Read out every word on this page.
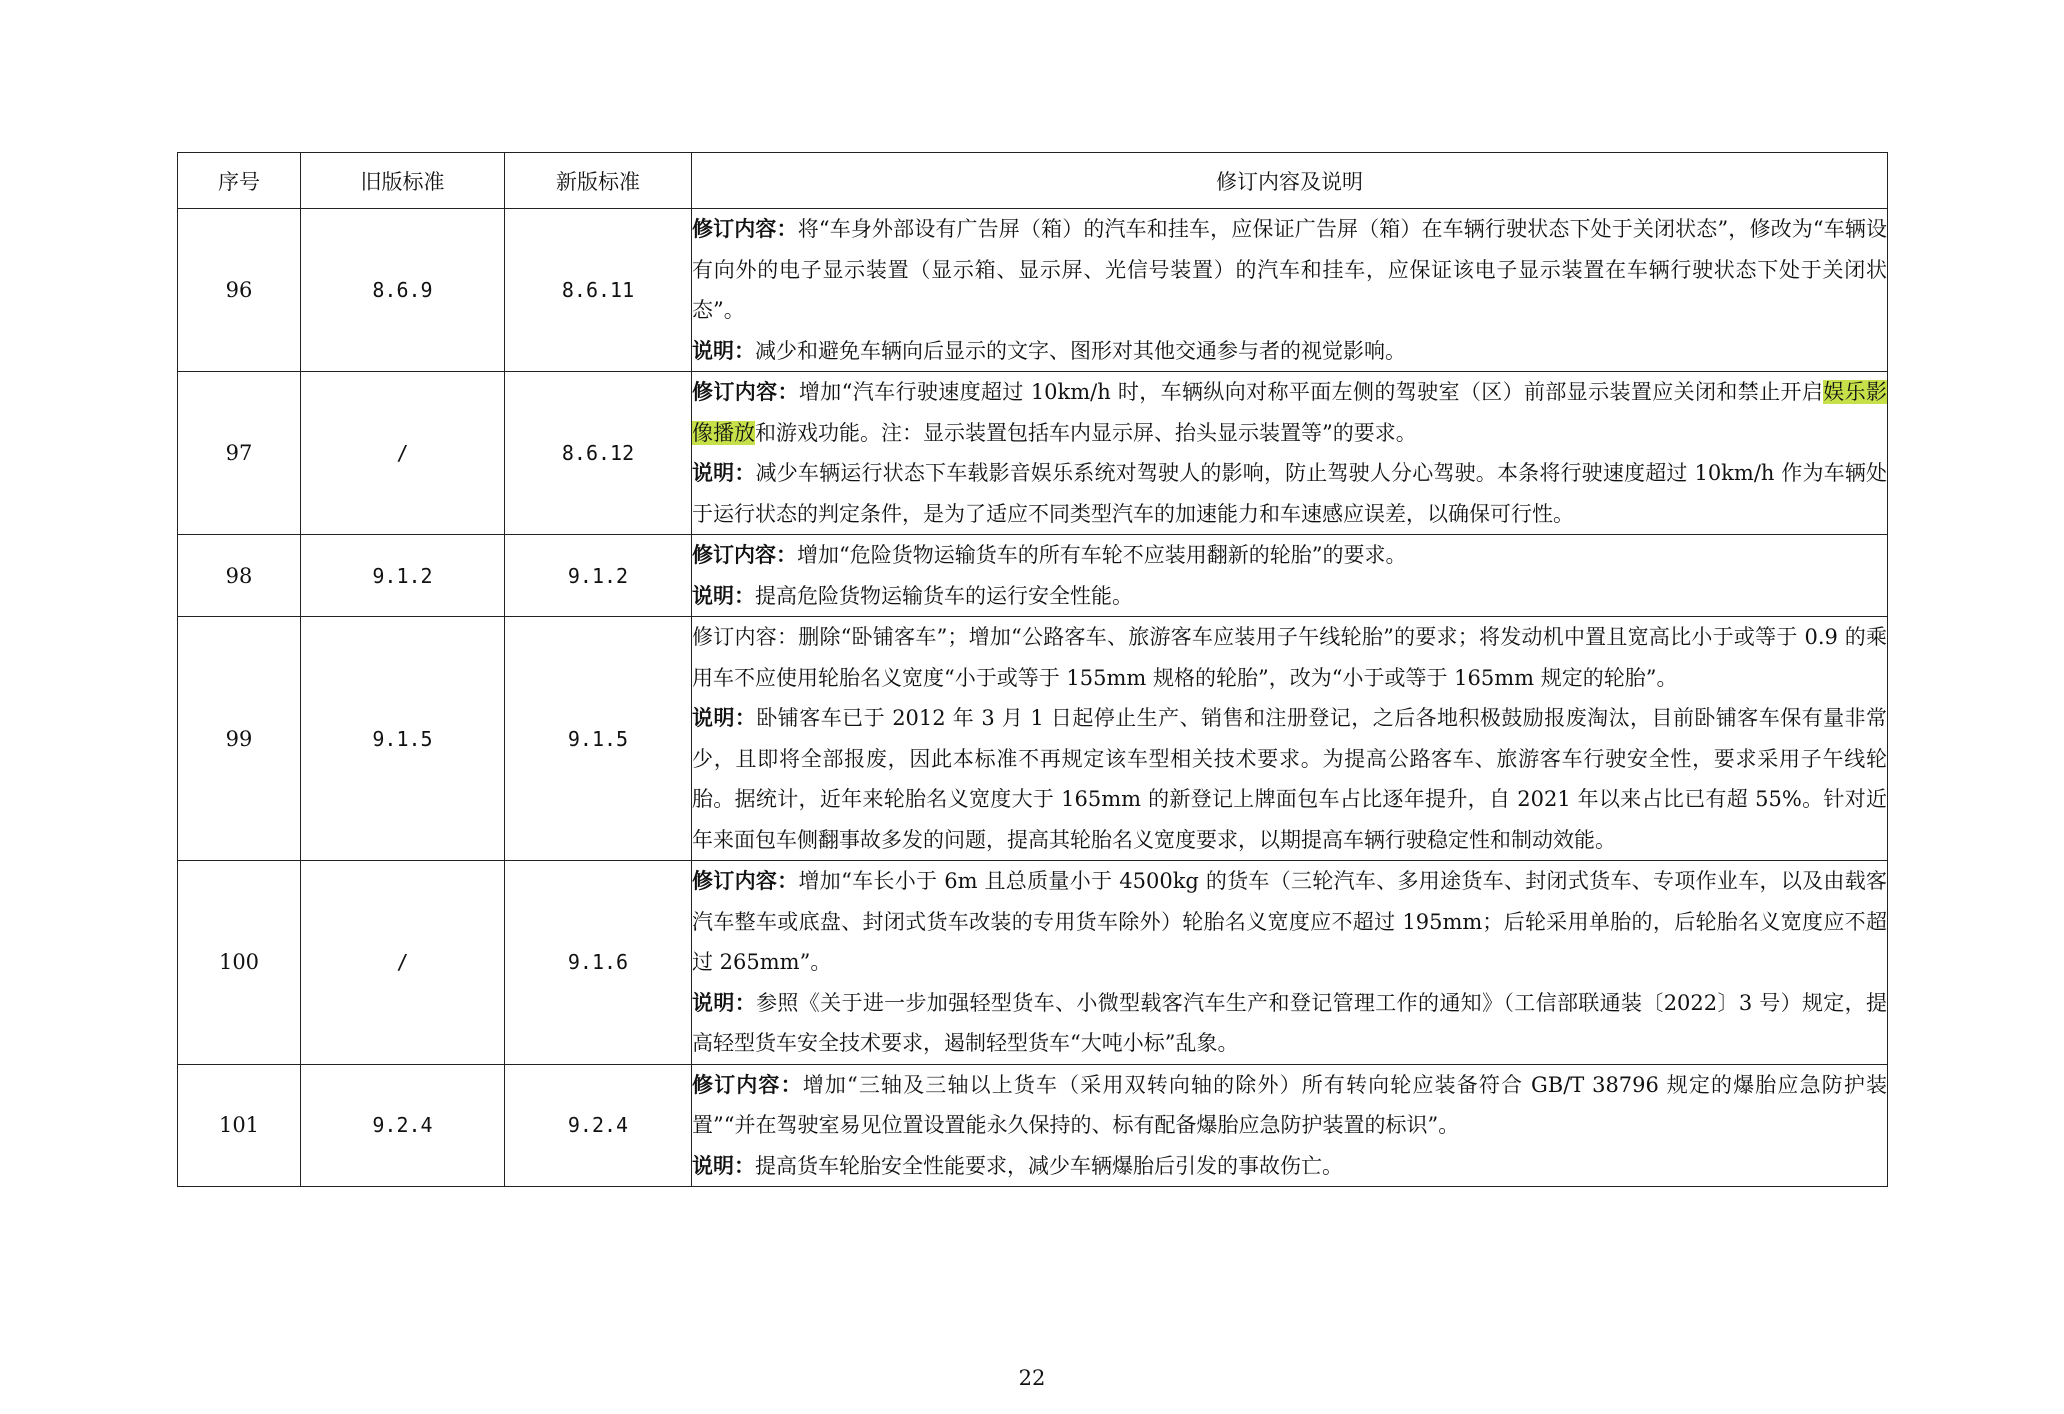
序号	旧版标准	新版标准	修订内容及说明
96	8.6.9	8.6.11	修订内容：将“车身外部设有广告屏（箱）的汽车和挂车，应保证广告屏（箱）在车辆行驶状态下处于关闭状态”，修改为“车辆设有向外的电子显示装置（显示箱、显示屏、光信号装置）的汽车和挂车，应保证该电子显示装置在车辆行驶状态下处于关闭状态”。
说明：减少和避免车辆向后显示的文字、图形对其他交通参与者的视觉影响。

97	/	8.6.12	修订内容：增加“汽车行驶速度超过 10km/h 时，车辆纵向对称平面左侧的驾驶室（区）前部显示装置应关闭和禁止开启娱乐影像播放和游戏功能。注：显示装置包括车内显示屏、抬头显示装置等”的要求。
说明：减少车辆运行状态下车载影音娱乐系统对驾驶人的影响，防止驾驶人分心驾驶。本条将行驶速度超过 10km/h 作为车辆处于运行状态的判定条件，是为了适应不同类型汽车的加速能力和车速感应误差，以确保可行性。

98	9.1.2	9.1.2	修订内容：增加“危险货物运输货车的所有车轮不应装用翻新的轮胎”的要求。
说明：提高危险货物运输货车的运行安全性能。

99	9.1.5	9.1.5	修订内容：删除“卧铺客车”；增加“公路客车、旅游客车应装用子午线轮胎”的要求；将发动机中置且宽高比小于或等于 0.9 的乘用车不应使用轮胎名义宽度“小于或等于 155mm 规格的轮胎”，改为“小于或等于 165mm 规定的轮胎”。
说明：卧铺客车已于 2012 年 3 月 1 日起停止生产、销售和注册登记，之后各地积极鼓励报废淘汰，目前卧铺客车保有量非常少，且即将全部报废，因此本标准不再规定该车型相关技术要求。为提高公路客车、旅游客车行驶安全性，要求采用子午线轮胎。据统计，近年来轮胎名义宽度大于 165mm 的新登记上牌面包车占比逐年提升，自 2021 年以来占比已有超 55%。针对近年来面包车侧翻事故多发的问题，提高其轮胎名义宽度要求，以期提高车辆行驶稳定性和制动效能。

100	/	9.1.6	修订内容：增加“车长小于 6m 且总质量小于 4500kg 的货车（三轮汽车、多用途货车、封闭式货车、专项作业车，以及由载客汽车整车或底盘、封闭式货车改装的专用货车除外）轮胎名义宽度应不超过 195mm；后轮采用单胎的，后轮胎名义宽度应不超过 265mm”。
说明：参照《关于进一步加强轻型货车、小微型载客汽车生产和登记管理工作的通知》（工信部联通装〔2022〕3 号）规定，提高轻型货车安全技术要求，遏制轻型货车“大吨小标”乱象。

101	9.2.4	9.2.4	修订内容：增加“三轴及三轴以上货车（采用双转向轴的除外）所有转向轮应装备符合 GB/T 38796 规定的爆胎应急防护装置”“并在驾驶室易见位置设置能永久保持的、标有配备爆胎应急防护装置的标识”。
说明：提高货车轮胎安全性能要求，减少车辆爆胎后引发的事故伤亡。
22
